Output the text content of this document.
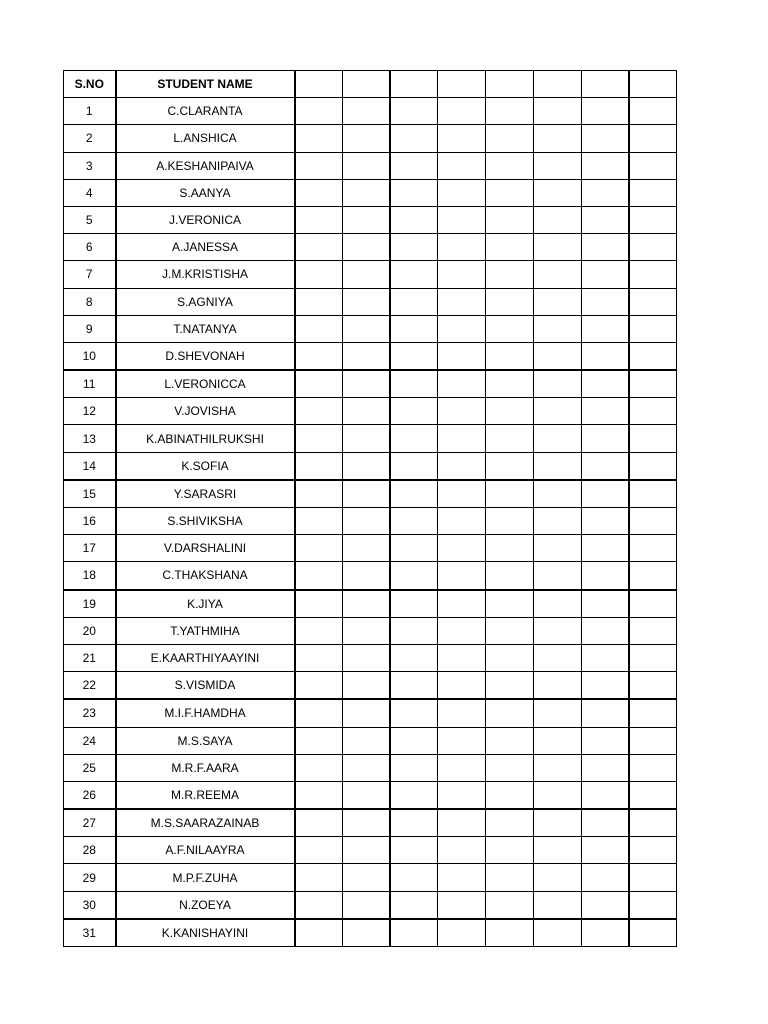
S.NO	STUDENT NAME								
1	C.CLARANTA								
2	L.ANSHICA								
3	A.KESHANIPAIVA								
4	S.AANYA								
5	J.VERONICA								
6	A.JANESSA								
7	J.M.KRISTISHA								
8	S.AGNIYA								
9	T.NATANYA								
10	D.SHEVONAH								
11	L.VERONICCA								
12	V.JOVISHA								
13	K.ABINATHILRUKSHI								
14	K.SOFIA								
15	Y.SARASRI								
16	S.SHIVIKSHA								
17	V.DARSHALINI								
18	C.THAKSHANA								
19	K.JIYA								
20	T.YATHMIHA								
21	E.KAARTHIYAAYINI								
22	S.VISMIDA								
23	M.I.F.HAMDHA								
24	M.S.SAYA								
25	M.R.F.AARA								
26	M.R.REEMA								
27	M.S.SAARAZAINAB								
28	A.F.NILAAYRA								
29	M.P.F.ZUHA								
30	N.ZOEYA								
31	K.KANISHAYINI								
